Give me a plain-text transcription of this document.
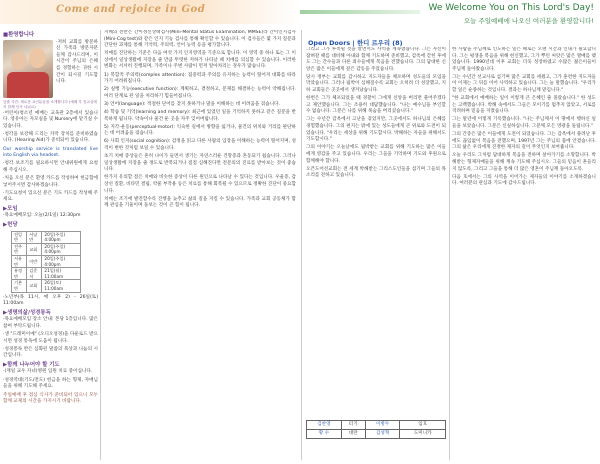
Come and rejoice in God	We Welcome You on This Lord's Day!
오늘 주일예배에 나오신 여러분을 환영합니다!
■환영합니다

·저희 교회를 방문하신 가족과 방문자분들께 감사드리며, 이 시간이 주님의 은혜를 경험하는 귀한 시간이 되시길 기도합니다.

앞줄 사진: 새로운 교인분들을 소개합니다 (예배 후 친교실에서 함께 인사 나눠요)

·어린이/청소년 예배는 교육관 2층에서 있습니다. 영유아는 자모실을 및 Nursery에 맡기실 수 있습니다.

·청각을 보강해 드리는 자막 장치를 준비하였습니다. (Hearing Aid)가 준비되어 있습니다.

Our worship service is translated live into English via headset.

·청각 보조기를 필요하시면 안내위원에게 요청해 주십시오.

·처음 오신 분은 환영 카드를 작성하여 헌금함에 넣어주시면 감사하겠습니다.

·기도요청이 있으신 분은 기도 카드를 작성해 주세요.

▶모임

·목요예배모임: 오늘(2/1일) 12:30pm

▶헌당
전일반	서남반	20일(주일) 4:00pm
전주반	교회	20일(주일) 4:00pm
서유반	이반	20일(주일) 4:00pm
유정반	김준서	21일(월) 11:00am
기본반	교회	26일(토) 11:00am

·노년부(목 11시, 매 오후 2) - 26일(토) 11:00am

▶생명의삶/성경통독

·목요예배모임 장소 안내: 본당 1층입니다. 많은 참여 부탁드립니다.

·생 "드레미이예" (오디오성경)을 다운로드 받으시면 성경 통독에 도움이 됩니다.

·성경통독 반은 심화된 말씀의 묵상과 나눔의 시간입니다.

▶함께 나누어야 할 기도

·(재일 교우 자녀)병원 입원 치료 중이십니다.

·성경역대(기도/전도) 헌금을 하는 형제, 자매님들을 위해 기도해 주세요.

주일예배 후 점심 식사가 준비되어 있으니 모두 함께 교제의 시간을 가지시기 바랍니다.

지혜의 전반은 간이정신상태검사(Mini-Mental Status Examination, MMSE)라 간이인지검사(Mini-Cog test)와 같은 인지 기능 검사를 통해 확인할 수 있습니다. 이 검사들은 몇 가지 질문과 간단한 과제를 통해 기억력, 주의력, 언어 능력 등을 평가합니다.

치매를 진단하는 기준은 다음 여섯 가지 인지영역을 기준으로 합니다. 이 영역 중 하나 또는 그 이상에서 일상생활에 지장을 줄 만큼 뚜렷한 저하가 나타날 때 치매를 의심할 수 있습니다. 이러한 변화는 서서히 진행되며, 가족이나 주변 사람이 먼저 알아차리는 경우가 많습니다.

1) 복합적 주의력(complex attention): 집중력과 주의를 유지하는 능력이 떨어져 대화를 따라가기 어려워집니다.

2) 실행 기능(executive function): 계획하고, 결정하고, 문제를 해결하는 능력이 약해집니다. 여러 단계로 된 일을 처리하기 힘들어집니다.

3) 언어(language): 적절한 단어를 찾지 못하거나 말을 이해하는 데 어려움을 겪습니다.

4) 학습 및 기억(learning and memory): 최근에 있었던 일을 기억하지 못하고 같은 질문을 반복하게 됩니다. 약속이나 물건 둔 곳을 자주 잊어버립니다.

5) 지각-운동(perceptual-motor): 익숙한 길에서 방향을 잃거나, 물건의 위치와 거리를 판단하는 데 어려움을 겪습니다.

6) 사회 인지(social cognition): 감정을 읽고 다른 사람의 입장을 이해하는 능력이 떨어지며, 성격이 변한 것처럼 보일 수 있습니다.

초기 치매 증상들은 흔히 나이가 들면서 생기는 자연스러운 건망증과 혼동되기 쉽습니다. 그러나 일상생활에 지장을 줄 정도로 반복되거나 점점 심해진다면 전문의의 진료를 받아보는 것이 좋습니다.

한가지 유의할 점은 치매와 비슷한 증상이 다른 원인으로 나타날 수 있다는 것입니다. 우울증, 갑상선 질환, 비타민 결핍, 약물 부작용 등은 치료를 통해 회복될 수 있으므로 정확한 진단이 중요합니다.

치매는 조기에 발견할수록 진행을 늦추고 삶의 질을 지킬 수 있습니다. 가족과 교회 공동체가 함께 관심을 기울이며 돌보는 것이 큰 힘이 됩니다.

Open Doors | 한디 르우리 (8)

그리고 그가 투옥될 것을 알면서도 사역을 계속했습니다. 그는 자신이 잡혀갈 때를 대비해 아내와 함께 기도하며 준비했고, 감옥에 갇힌 후에도 그는 간수들과 다른 죄수들에게 복음을 전했습니다. 그의 담대한 신앙은 많은 이들에게 깊은 감동을 주었습니다.

당시 정부는 교회를 감시하고 지도자들을 체포하며 성도들의 모임을 막았습니다. 그러나 핍박이 심해질수록 교회는 오히려 더 성장했고, 지하 교회들은 곳곳에서 생겨났습니다.

한번은 그가 체포되었을 때 경찰이 그에게 신앙을 버리면 풀어주겠다고 제안했습니다. 그는 조용히 대답했습니다. "나는 예수님을 부인할 수 없습니다. 그분은 나를 위해 목숨을 버리셨습니다."

그는 수년간 감옥에서 고난을 겪었지만, 그곳에서도 하나님의 은혜를 경험했습니다. 그의 편지는 밖에 있는 성도들에게 큰 위로와 도전이 되었습니다. "우리는 세상을 위해 기도합시다. 박해하는 자들을 위해서도 기도합시다."

그의 이야기는 오늘날에도 핍박받는 교회를 위해 기도하는 많은 이들에게 영감을 주고 있습니다. 우리는 그들을 기억하며 기도와 후원으로 함께해야 합니다.

오픈도어선교회는 전 세계 박해받는 그리스도인들을 섬기며 그들의 목소리를 전하고 있습니다.

김찬영	터기	이병두	임호
황 수	대란	김성혁	도미니카

한 사람을 주님께로 인도하는 일은 때로는 오랜 시간과 인내가 필요합니다. 그는 평생을 복음을 위해 헌신했고, 그가 뿌린 씨앗은 많은 열매를 맺었습니다. 1990년대 이후 교회는 더욱 성장하였고 수많은 젊은이들이 주님께 돌아왔습니다.

그는 수년간 선교사로 섬기며 많은 교회를 세웠고, 그가 훈련한 지도자들이 이제는 그 뒤를 이어 사역하고 있습니다. 그는 늘 말했습니다. "우리가 할 일은 순종하는 것입니다. 결과는 하나님께 맡깁니다."

"한 교회에서 예배하는 일이 이렇게 큰 은혜인 줄 몰랐습니다." 한 성도는 고백했습니다. 박해 속에서도 그들은 모이기를 멈추지 않았고, 서로를 격려하며 믿음을 지켰습니다.

그는 말년에 이렇게 기록했습니다. "나는 주님께서 이 땅에서 행하신 일들을 보았습니다. 그분은 신실하십니다. 그분께 모든 영광을 돌립니다."

그의 간증은 많은 이들에게 도전이 되었습니다. 그는 감옥에서 풀려난 후에도 끊임없이 복음을 전했으며, 1997년 그는 주님의 품에 안겼습니다. 그의 삶은 우리에게 진정한 제자의 길이 무엇인지 보여줍니다.

오늘 우리도 그처럼 담대하게 복음을 전하며 살아가기를 소망합니다. 박해받는 형제자매들을 위해 계속 기도해 주십시오. 그들의 믿음이 흔들리지 않도록, 그리고 그들을 통해 더 많은 영혼이 주님께 돌아오도록.

다음 호에서는 그의 사역을 이어가는 제자들의 이야기를 소개하겠습니다. 여러분의 관심과 기도에 감사드립니다.
